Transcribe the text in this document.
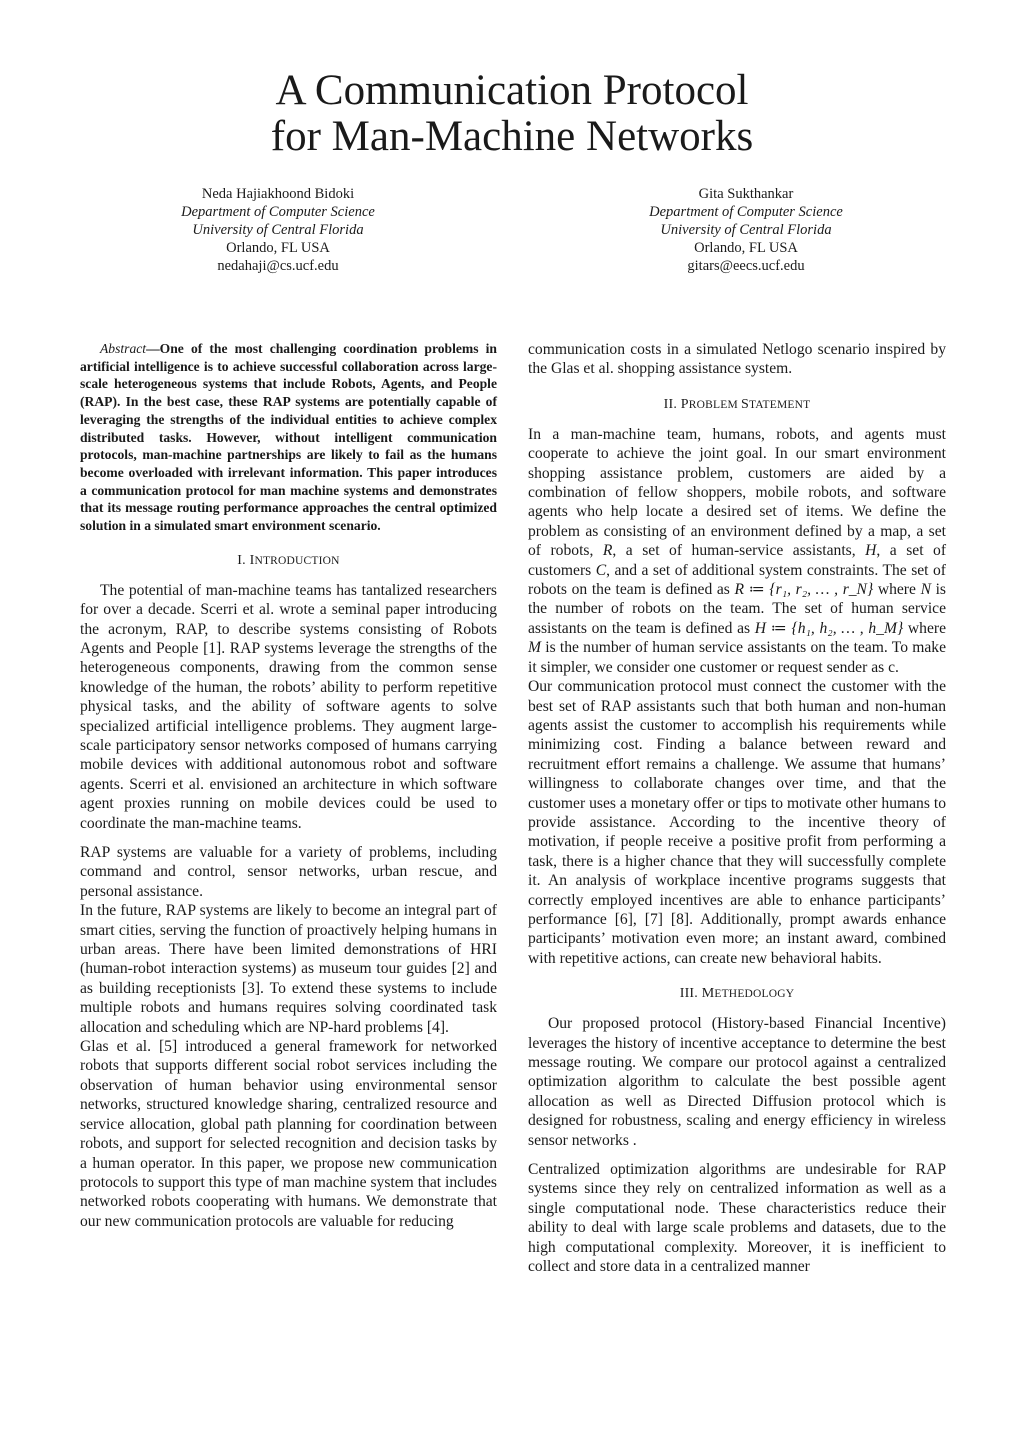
A Communication Protocol
for Man-Machine Networks
Neda Hajiakhoond Bidoki
Department of Computer Science
University of Central Florida
Orlando, FL USA
nedahaji@cs.ucf.edu
Gita Sukthankar
Department of Computer Science
University of Central Florida
Orlando, FL USA
gitars@eecs.ucf.edu

Abstract—One of the most challenging coordination problems in artificial intelligence is to achieve successful collaboration across large-scale heterogeneous systems that include Robots, Agents, and People (RAP). In the best case, these RAP systems are potentially capable of leveraging the strengths of the individual entities to achieve complex distributed tasks. However, without intelligent communication protocols, man-machine partnerships are likely to fail as the humans become overloaded with irrelevant information. This paper introduces a communication protocol for man machine systems and demonstrates that its message routing performance approaches the central optimized solution in a simulated smart environment scenario.

I. INTRODUCTION

The potential of man-machine teams has tantalized researchers for over a decade. Scerri et al. wrote a seminal paper introducing the acronym, RAP, to describe systems consisting of Robots Agents and People [1]. RAP systems leverage the strengths of the heterogeneous components, drawing from the common sense knowledge of the human, the robots’ ability to perform repetitive physical tasks, and the ability of software agents to solve specialized artificial intelligence problems. They augment large-scale participatory sensor networks composed of humans carrying mobile devices with additional autonomous robot and software agents. Scerri et al. envisioned an architecture in which software agent proxies running on mobile devices could be used to coordinate the man-machine teams.

RAP systems are valuable for a variety of problems, including command and control, sensor networks, urban rescue, and personal assistance.

In the future, RAP systems are likely to become an integral part of smart cities, serving the function of proactively helping humans in urban areas. There have been limited demonstrations of HRI (human-robot interaction systems) as museum tour guides [2] and as building receptionists [3]. To extend these systems to include multiple robots and humans requires solving coordinated task allocation and scheduling which are NP-hard problems [4].

Glas et al. [5] introduced a general framework for networked robots that supports different social robot services including the observation of human behavior using environmental sensor networks, structured knowledge sharing, centralized resource and service allocation, global path planning for coordination between robots, and support for selected recognition and decision tasks by a human operator. In this paper, we propose new communication protocols to support this type of man machine system that includes networked robots cooperating with humans. We demonstrate that our new communication protocols are valuable for reducing

communication costs in a simulated Netlogo scenario inspired by the Glas et al. shopping assistance system.

II. PROBLEM STATEMENT

In a man-machine team, humans, robots, and agents must cooperate to achieve the joint goal. In our smart environment shopping assistance problem, customers are aided by a combination of fellow shoppers, mobile robots, and software agents who help locate a desired set of items. We define the problem as consisting of an environment defined by a map, a set of robots, R, a set of human-service assistants, H, a set of customers C, and a set of additional system constraints. The set of robots on the team is defined as R ≔ {r₁, r₂, … , r_N} where N is the number of robots on the team. The set of human service assistants on the team is defined as H ≔ {h₁, h₂, … , h_M} where M is the number of human service assistants on the team. To make it simpler, we consider one customer or request sender as c.

Our communication protocol must connect the customer with the best set of RAP assistants such that both human and non-human agents assist the customer to accomplish his requirements while minimizing cost. Finding a balance between reward and recruitment effort remains a challenge. We assume that humans’ willingness to collaborate changes over time, and that the customer uses a monetary offer or tips to motivate other humans to provide assistance. According to the incentive theory of motivation, if people receive a positive profit from performing a task, there is a higher chance that they will successfully complete it. An analysis of workplace incentive programs suggests that correctly employed incentives are able to enhance participants’ performance [6], [7] [8]. Additionally, prompt awards enhance participants’ motivation even more; an instant award, combined with repetitive actions, can create new behavioral habits.

III. METHEDOLOGY

Our proposed protocol (History-based Financial Incentive) leverages the history of incentive acceptance to determine the best message routing. We compare our protocol against a centralized optimization algorithm to calculate the best possible agent allocation as well as Directed Diffusion protocol which is designed for robustness, scaling and energy efficiency in wireless sensor networks .

Centralized optimization algorithms are undesirable for RAP systems since they rely on centralized information as well as a single computational node. These characteristics reduce their ability to deal with large scale problems and datasets, due to the high computational complexity. Moreover, it is inefficient to collect and store data in a centralized manner
